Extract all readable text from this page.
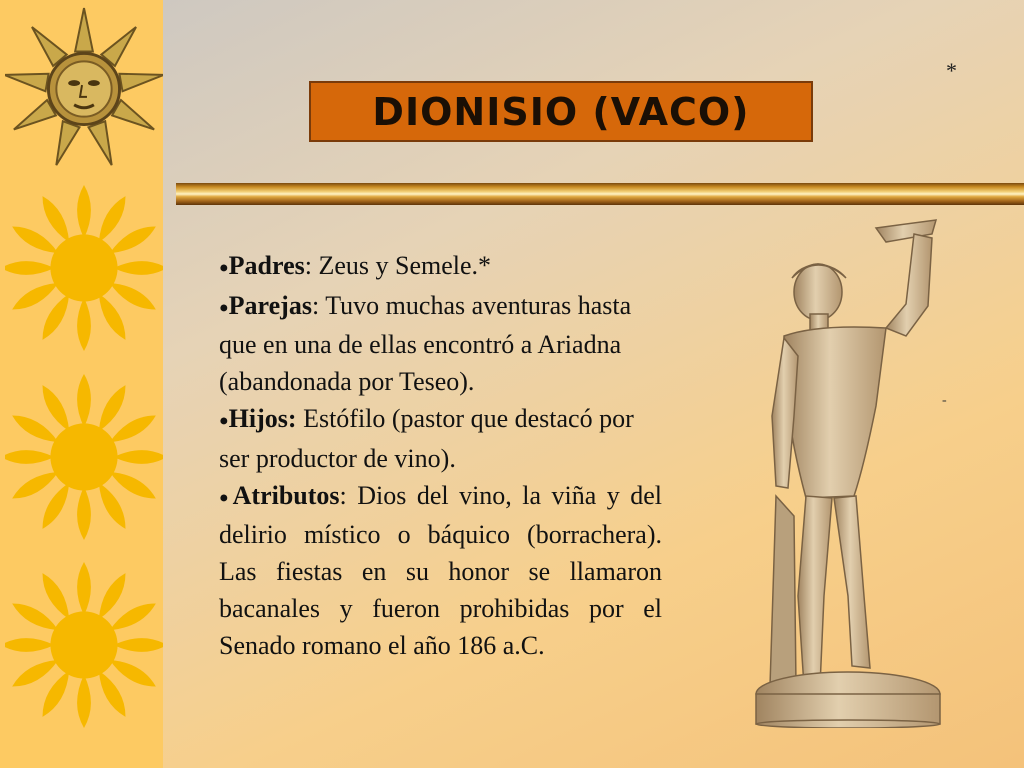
DIONISIO (VACO)
*

●Padres: Zeus y Semele.*

●Parejas: Tuvo muchas aventuras hasta que en una de ellas encontró a Ariadna (abandonada por Teseo).

●Hijos: Estófilo (pastor que destacó por ser productor de vino).

●Atributos: Dios del vino, la viña y del delirio místico o báquico (borrachera). Las fiestas en su honor se llamaron bacanales y fueron prohibidas por el Senado romano el año 186 a.C.

-
